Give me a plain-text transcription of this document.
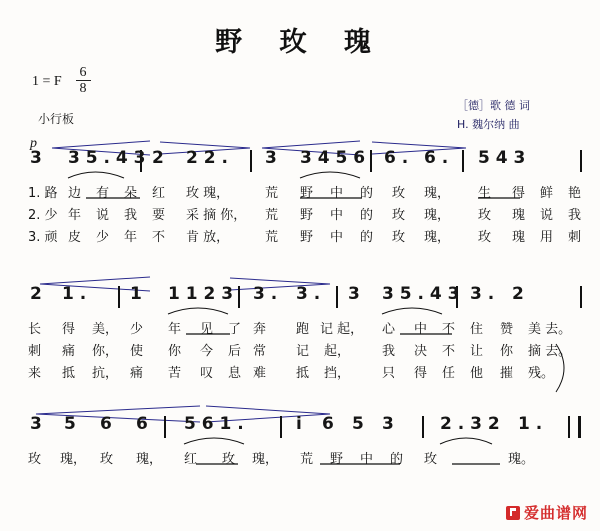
野 玫 瑰
1 = F
6
8
小行板
［德］歌 德 词
H. 魏尔纳 曲
p
3 3 5 . 4 3 2 2 2 . 3 3 4 5 6 6 . 6 . 5 4 3
1. 路 边 有 朵 红 玫 瑰，	荒 野 中 的 玫 瑰， 生 得 鲜 艳
2. 少 年 说 我 要 采 摘 你， 荒 野 中 的 玫 瑰， 玫 瑰 说 我
3. 顽 皮 少 年 不 肯 放，	荒 野 中 的 玫 瑰， 玫 瑰 用 刺
2 1 .	1 1 1 2 3 3 . 3 . 3 3 5 . 4 3 3 . 2
长 得 美， 少 年 见 了 奔 跑 记 起， 心 中 不 住 赞 美 去。
刺 痛 你， 使 你 今 后 常 记 起， 我 决 不 让 你 摘 去。
来 抵 抗， 痛 苦 叹 息 难 抵 挡， 只 得 任 他 摧 残。
3 5 6 6 5 6 1 .	i 6 5 3	2 . 3 2 1 .
玫 瑰， 玫 瑰， 红 玫 瑰， 荒 野 中 的 玫	瑰。
爱曲谱网
